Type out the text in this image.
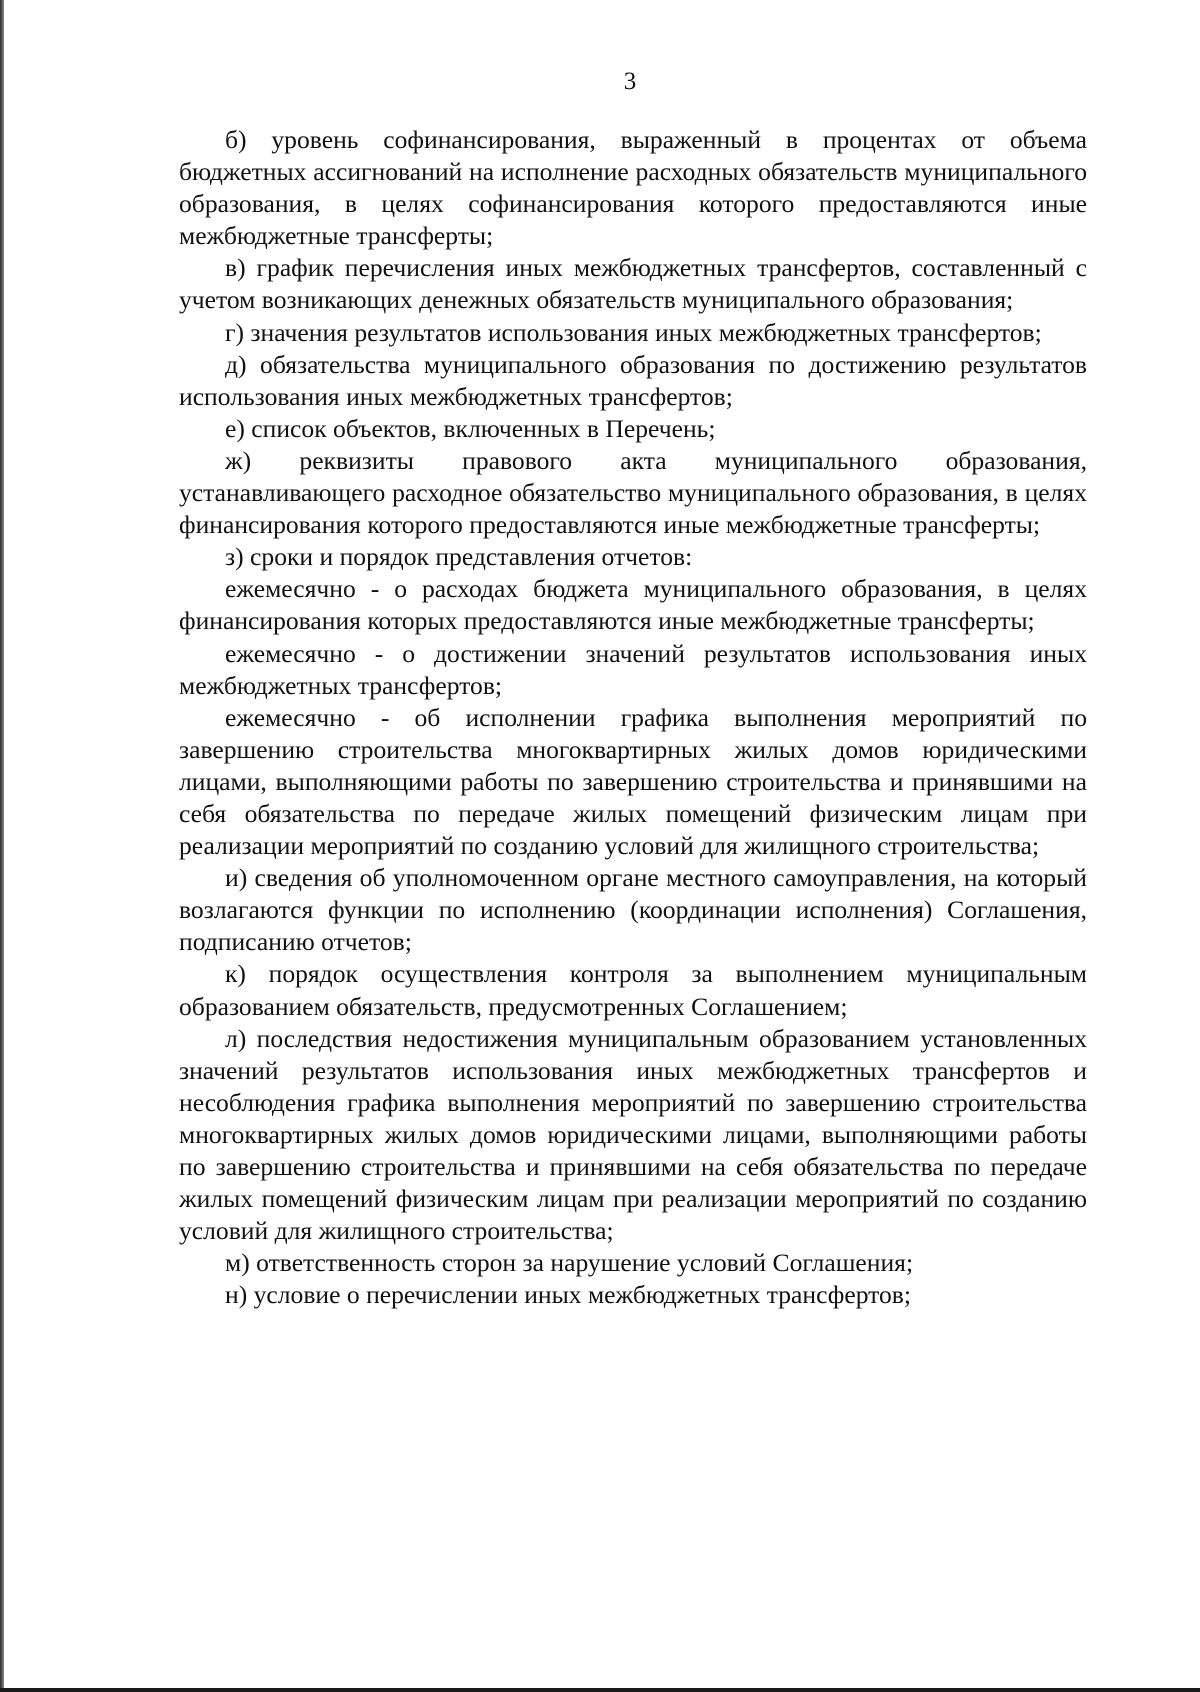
3

б) уровень софинансирования, выраженный в процентах от объема бюджетных ассигнований на исполнение расходных обязательств муниципального образования, в целях софинансирования которого предоставляются иные межбюджетные трансферты;

в) график перечисления иных межбюджетных трансфертов, составленный с учетом возникающих денежных обязательств муниципального образования;

г) значения результатов использования иных межбюджетных трансфертов;

д) обязательства муниципального образования по достижению результатов использования иных межбюджетных трансфертов;

е) список объектов, включенных в Перечень;

ж) реквизиты правового акта муниципального образования, устанавливающего расходное обязательство муниципального образования, в целях финансирования которого предоставляются иные межбюджетные трансферты;

з) сроки и порядок представления отчетов:

ежемесячно - о расходах бюджета муниципального образования, в целях финансирования которых предоставляются иные межбюджетные трансферты;

ежемесячно - о достижении значений результатов использования иных межбюджетных трансфертов;

ежемесячно - об исполнении графика выполнения мероприятий по завершению строительства многоквартирных жилых домов юридическими лицами, выполняющими работы по завершению строительства и принявшими на себя обязательства по передаче жилых помещений физическим лицам при реализации мероприятий по созданию условий для жилищного строительства;

и) сведения об уполномоченном органе местного самоуправления, на который возлагаются функции по исполнению (координации исполнения) Соглашения, подписанию отчетов;

к) порядок осуществления контроля за выполнением муниципальным образованием обязательств, предусмотренных Соглашением;

л) последствия недостижения муниципальным образованием установленных значений результатов использования иных межбюджетных трансфертов и несоблюдения графика выполнения мероприятий по завершению строительства многоквартирных жилых домов юридическими лицами, выполняющими работы по завершению строительства и принявшими на себя обязательства по передаче жилых помещений физическим лицам при реализации мероприятий по созданию условий для жилищного строительства;

м) ответственность сторон за нарушение условий Соглашения;

н) условие о перечислении иных межбюджетных трансфертов;
